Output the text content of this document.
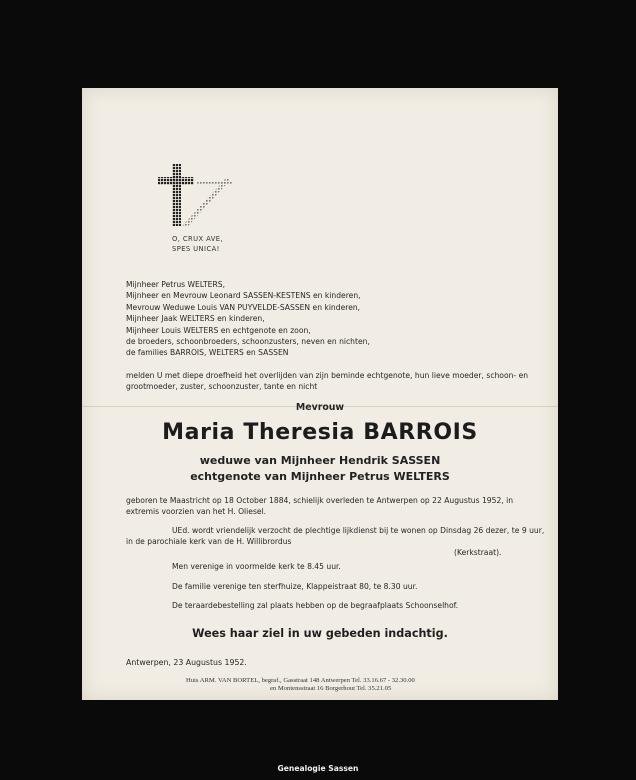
O, CRUX AVE,
SPES UNICA!
Mijnheer Petrus WELTERS,
Mijnheer en Mevrouw Leonard SASSEN-KESTENS en kinderen,
Mevrouw Weduwe Louis VAN PUYVELDE-SASSEN en kinderen,
Mijnheer Jaak WELTERS en kinderen,
Mijnheer Louis WELTERS en echtgenote en zoon,
de broeders, schoonbroeders, schoonzusters, neven en nichten,
de families BARROIS, WELTERS en SASSEN
melden U met diepe droefheid het overlijden van zijn beminde echtgenote, hun lieve moeder, schoon- en grootmoeder, zuster, schoonzuster, tante en nicht
Mevrouw
Maria Theresia BARROIS
weduwe van Mijnheer Hendrik SASSEN
echtgenote van Mijnheer Petrus WELTERS
geboren te Maastricht op 18 October 1884, schielijk overleden te Antwerpen op 22 Augustus 1952, in extremis voorzien van het H. Oliesel.
UEd. wordt vriendelijk verzocht de plechtige lijkdienst bij te wonen op Dinsdag 26 dezer, te 9 uur, in de parochiale kerk van de H. Willibrordus
(Kerkstraat).
Men verenige in voormelde kerk te 8.45 uur.
De familie verenige ten sterfhuize, Klappeistraat 80, te 8.30 uur.
De teraardebestelling zal plaats hebben op de begraafplaats Schoonselhof.
Wees haar ziel in uw gebeden indachtig.
Antwerpen, 23 Augustus 1952.
Huis ARM. VAN BORTEL, begraf., Gasstraat 148 Antwerpen Tel. 33.16.67 - 32.30.00
en Montensstraat 16 Borgerhout Tel. 35.21.05
Genealogie Sassen
